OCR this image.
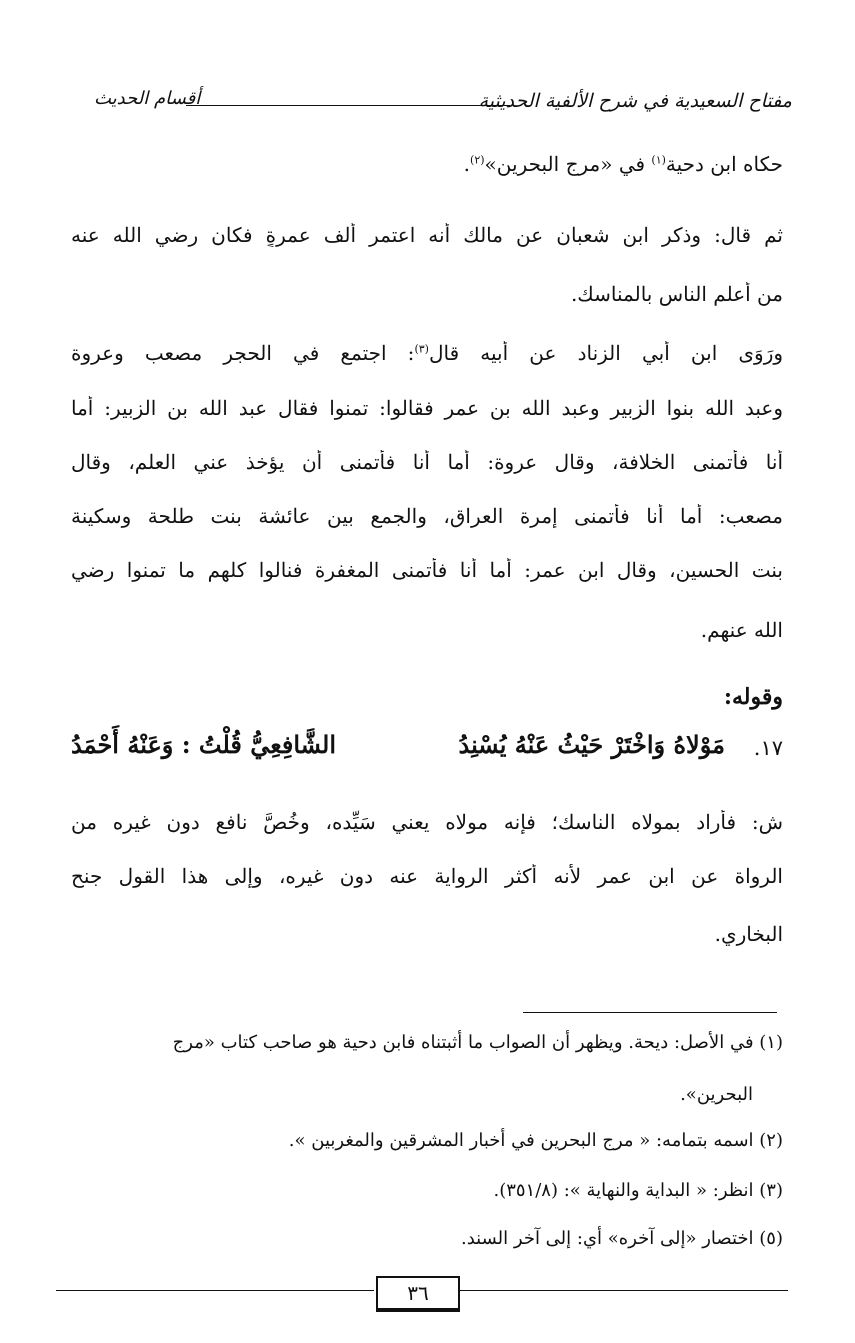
مفتاح السعيدية في شرح الألفية الحديثية
أقسام الحديث
حكاه ابن دحية$^{(١)}$ في «مرج البحرين»$^{(٢)}$.
ثم قال: وذكر ابن شعبان عن مالك أنه اعتمر ألف عمرةٍ فكان رضي الله عنه
من أعلم الناس بالمناسك.
ورَوَى ابن أبي الزناد عن أبيه قال$^{(٣)}$: اجتمع في الحجر مصعب وعروة
وعبد الله بنوا الزبير وعبد الله بن عمر فقالوا: تمنوا فقال عبد الله بن الزبير: أما
أنا فأتمنى الخلافة، وقال عروة: أما أنا فأتمنى أن يؤخذ عني العلم، وقال
مصعب: أما أنا فأتمنى إمرة العراق، والجمع بين عائشة بنت طلحة وسكينة
بنت الحسين، وقال ابن عمر: أما أنا فأتمنى المغفرة فنالوا كلهم ما تمنوا رضي
الله عنهم.
وقوله:
١٧.
مَوْلاهُ وَاخْتَرْ حَيْثُ عَنْهُ يُسْنِدُ
الشَّافِعِيُّ قُلْتُ : وَعَنْهُ أَحْمَدُ
ش: فأراد بمولاه الناسك؛ فإنه مولاه يعني سَيِّده، وخُصَّ نافع دون غيره من
الرواة عن ابن عمر لأنه أكثر الرواية عنه دون غيره، وإلى هذا القول جنح
البخاري.
(١) في الأصل: ديحة. ويظهر أن الصواب ما أثبتناه فابن دحية هو صاحب كتاب «مرج
البحرين».
(٢) اسمه بتمامه: « مرج البحرين في أخبار المشرقين والمغربين ».
(٣) انظر: « البداية والنهاية »: (٣٥١/٨).
(٥) اختصار «إلى آخره» أي: إلى آخر السند.
٣٦
